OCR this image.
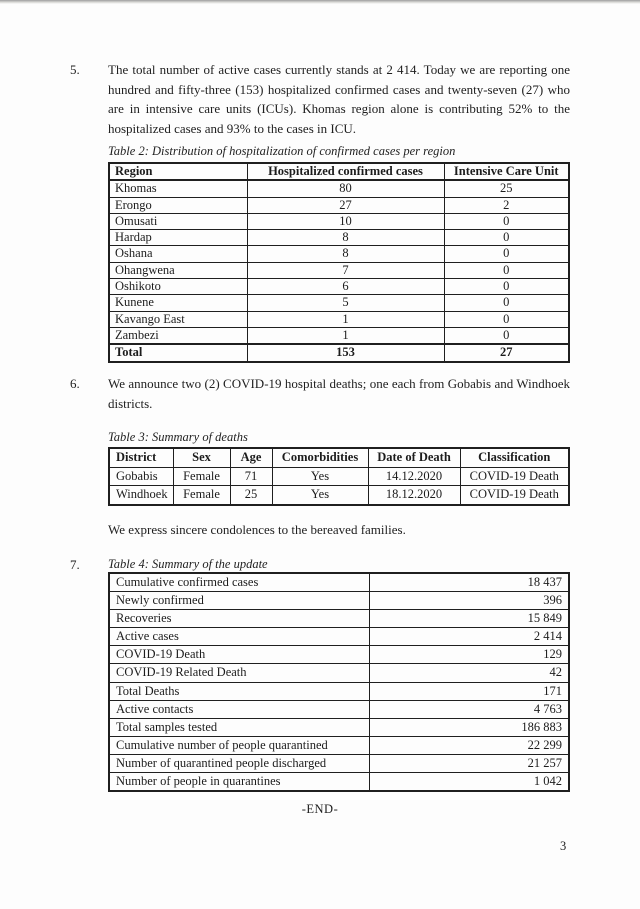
5.	The total number of active cases currently stands at 2 414. Today we are reporting one hundred and fifty-three (153) hospitalized confirmed cases and twenty-seven (27) who are in intensive care units (ICUs). Khomas region alone is contributing 52% to the hospitalized cases and 93% to the cases in ICU.
Table 2: Distribution of hospitalization of confirmed cases per region
Region	Hospitalized confirmed cases	Intensive Care Unit
Khomas	80	25
Erongo	27	2
Omusati	10	0
Hardap	8	0
Oshana	8	0
Ohangwena	7	0
Oshikoto	6	0
Kunene	5	0
Kavango East	1	0
Zambezi	1	0
Total	153	27
6.	We announce two (2) COVID-19 hospital deaths; one each from Gobabis and Windhoek districts.
Table 3: Summary of deaths
District	Sex	Age	Comorbidities	Date of Death	Classification
Gobabis	Female	71	Yes	14.12.2020	COVID-19 Death
Windhoek	Female	25	Yes	18.12.2020	COVID-19 Death
We express sincere condolences to the bereaved families.
7.	Table 4: Summary of the update
Cumulative confirmed cases	18 437
Newly confirmed	396
Recoveries	15 849
Active cases	2 414
COVID-19 Death	129
COVID-19 Related Death	42
Total Deaths	171
Active contacts	4 763
Total samples tested	186 883
Cumulative number of people quarantined	22 299
Number of quarantined people discharged	21 257
Number of people in quarantines	1 042
-END-
3
